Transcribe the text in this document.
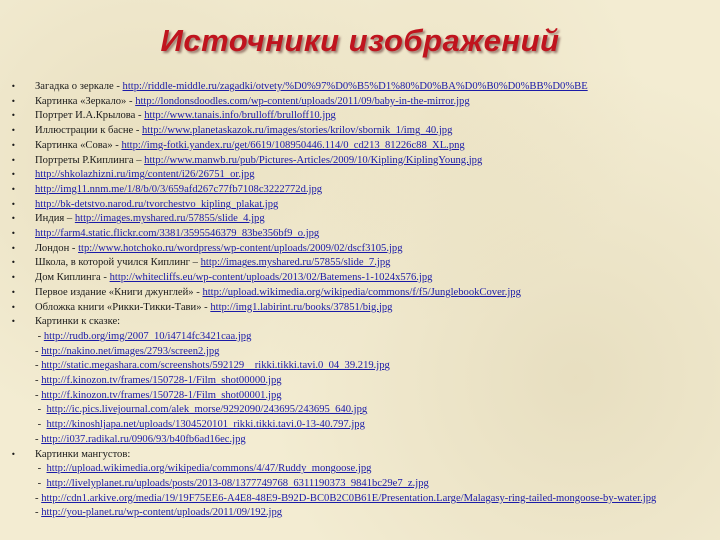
Источники изображений
• Загадка о зеркале - http://riddle-middle.ru/zagadki/otvety/%D0%97%D0%B5%D1%80%D0%BA%D0%B0%D0%BB%D0%BE
• Картинка «Зеркало» - http://londonsdoodles.com/wp-content/uploads/2011/09/baby-in-the-mirror.jpg
• Портрет И.А.Крылова - http://www.tanais.info/brulloff/brulloff10.jpg
• Иллюстрации к басне - http://www.planetaskazok.ru/images/stories/krilov/sbornik_1/img_40.jpg
• Картинка «Сова» - http://img-fotki.yandex.ru/get/6619/108950446.114/0_cd213_81226c88_XL.png
• Портреты Р.Киплинга – http://www.manwb.ru/pub/Pictures-Articles/2009/10/Kipling/KiplingYoung.jpg
• http://shkolazhizni.ru/img/content/i26/26751_or.jpg
• http://img11.nnm.me/1/8/b/0/3/659afd267c77fb7108c3222772d.jpg
• http://bk-detstvo.narod.ru/tvorchestvo_kipling_plakat.jpg
• Индия – http://images.myshared.ru/57855/slide_4.jpg
• http://farm4.static.flickr.com/3381/3595546379_83be356bf9_o.jpg
• Лондон - ttp://www.hotchoko.ru/wordpress/wp-content/uploads/2009/02/dscf3105.jpg
• Школа, в которой учился Киплинг – http://images.myshared.ru/57855/slide_7.jpg
• Дом Киплинга - http://whitecliffs.eu/wp-content/uploads/2013/02/Batemens-1-1024x576.jpg
• Первое издание «Книги джунглей» - http://upload.wikimedia.org/wikipedia/commons/f/f5/JunglebookCover.jpg
• Обложка книги «Рикки-Тикки-Тави» - http://img1.labirint.ru/books/37851/big.jpg
• Картинки к сказке:
- http://rudb.org/img/2007_10/i4714fc3421caa.jpg
- http://nakino.net/images/2793/screen2.jpg
- http://static.megashara.com/screenshots/592129__rikki.tikki.tavi.0_04_39.219.jpg
- http://f.kinozon.tv/frames/150728-1/Film_shot00000.jpg
- http://f.kinozon.tv/frames/150728-1/Film_shot00001.jpg
-  http://ic.pics.livejournal.com/alek_morse/9292090/243695/243695_640.jpg
-  http://kinoshljapa.net/uploads/1304520101_rikki.tikki.tavi.0-13-40.797.jpg
- http://i037.radikal.ru/0906/93/b40fb6ad16ec.jpg
• Картинки мангустов:
-  http://upload.wikimedia.org/wikipedia/commons/4/47/Ruddy_mongoose.jpg
-  http://livelyplanet.ru/uploads/posts/2013-08/1377749768_6311190373_9841bc29e7_z.jpg
- http://cdn1.arkive.org/media/19/19F75EE6-A4E8-48E9-B92D-BC0B2C0B61E/Presentation.Large/Malagasy-ring-tailed-mongoose-by-water.jpg
- http://you-planet.ru/wp-content/uploads/2011/09/192.jpg
